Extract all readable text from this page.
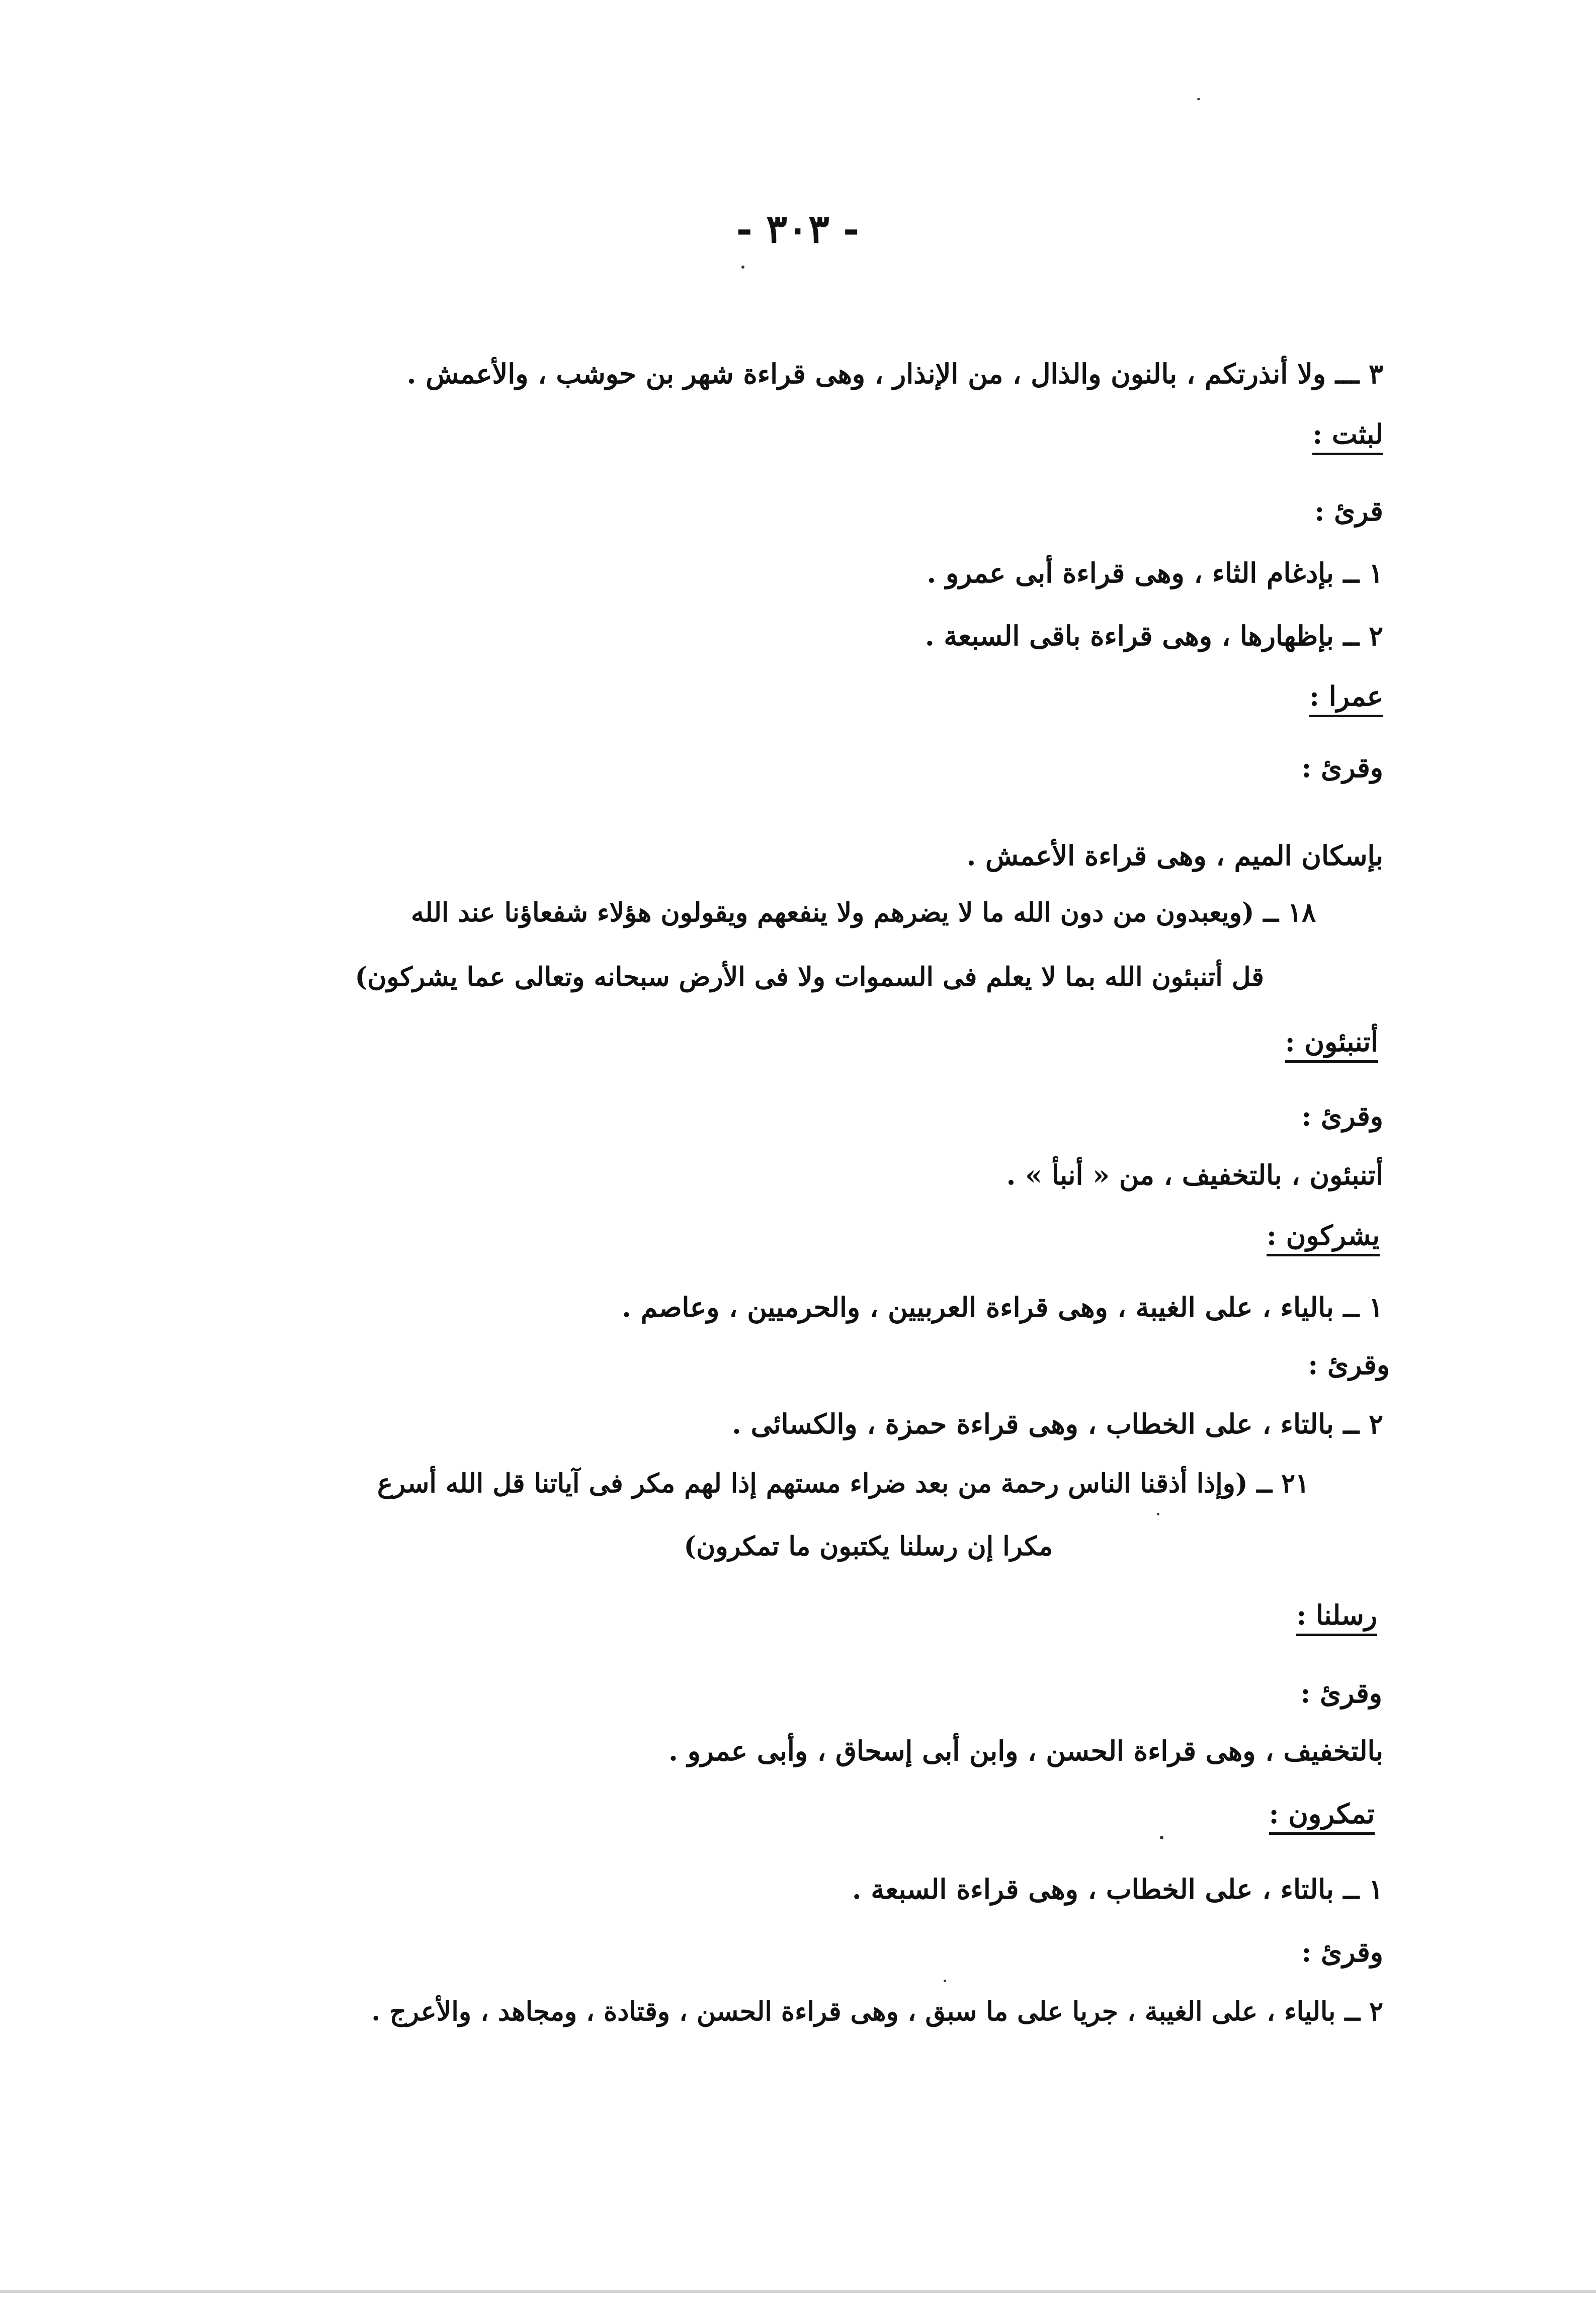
- ٣٠٣ -
٣ ـــ ولا أنذرتكم ، بالنون والذال ، من الإنذار ، وهى قراءة شهر بن حوشب ، والأعمش .
لبثت :
قرئ :
١ ــ بإدغام الثاء ، وهى قراءة أبى عمرو .
٢ ــ بإظهارها ، وهى قراءة باقى السبعة .
عمرا :
وقرئ :
بإسكان الميم ، وهى قراءة الأعمش .
١٨ ــ (ويعبدون من دون الله ما لا يضرهم ولا ينفعهم ويقولون هؤلاء شفعاؤنا عند الله
قل أتنبئون الله بما لا يعلم فى السموات ولا فى الأرض سبحانه وتعالى عما يشركون)
أتنبئون :
وقرئ :
أتنبئون ، بالتخفيف ، من « أنبأ » .
يشركون :
١ ــ بالياء ، على الغيبة ، وهى قراءة العربيين ، والحرميين ، وعاصم .
وقرئ :
٢ ــ بالتاء ، على الخطاب ، وهى قراءة حمزة ، والكسائى .
٢١ ــ (وإذا أذقنا الناس رحمة من بعد ضراء مستهم إذا لهم مكر فى آياتنا قل الله أسرع
مكرا إن رسلنا يكتبون ما تمكرون)
رسلنا :
وقرئ :
بالتخفيف ، وهى قراءة الحسن ، وابن أبى إسحاق ، وأبى عمرو .
تمكرون :
١ ــ بالتاء ، على الخطاب ، وهى قراءة السبعة .
وقرئ :
٢ ــ بالياء ، على الغيبة ، جريا على ما سبق ، وهى قراءة الحسن ، وقتادة ، ومجاهد ، والأعرج .
